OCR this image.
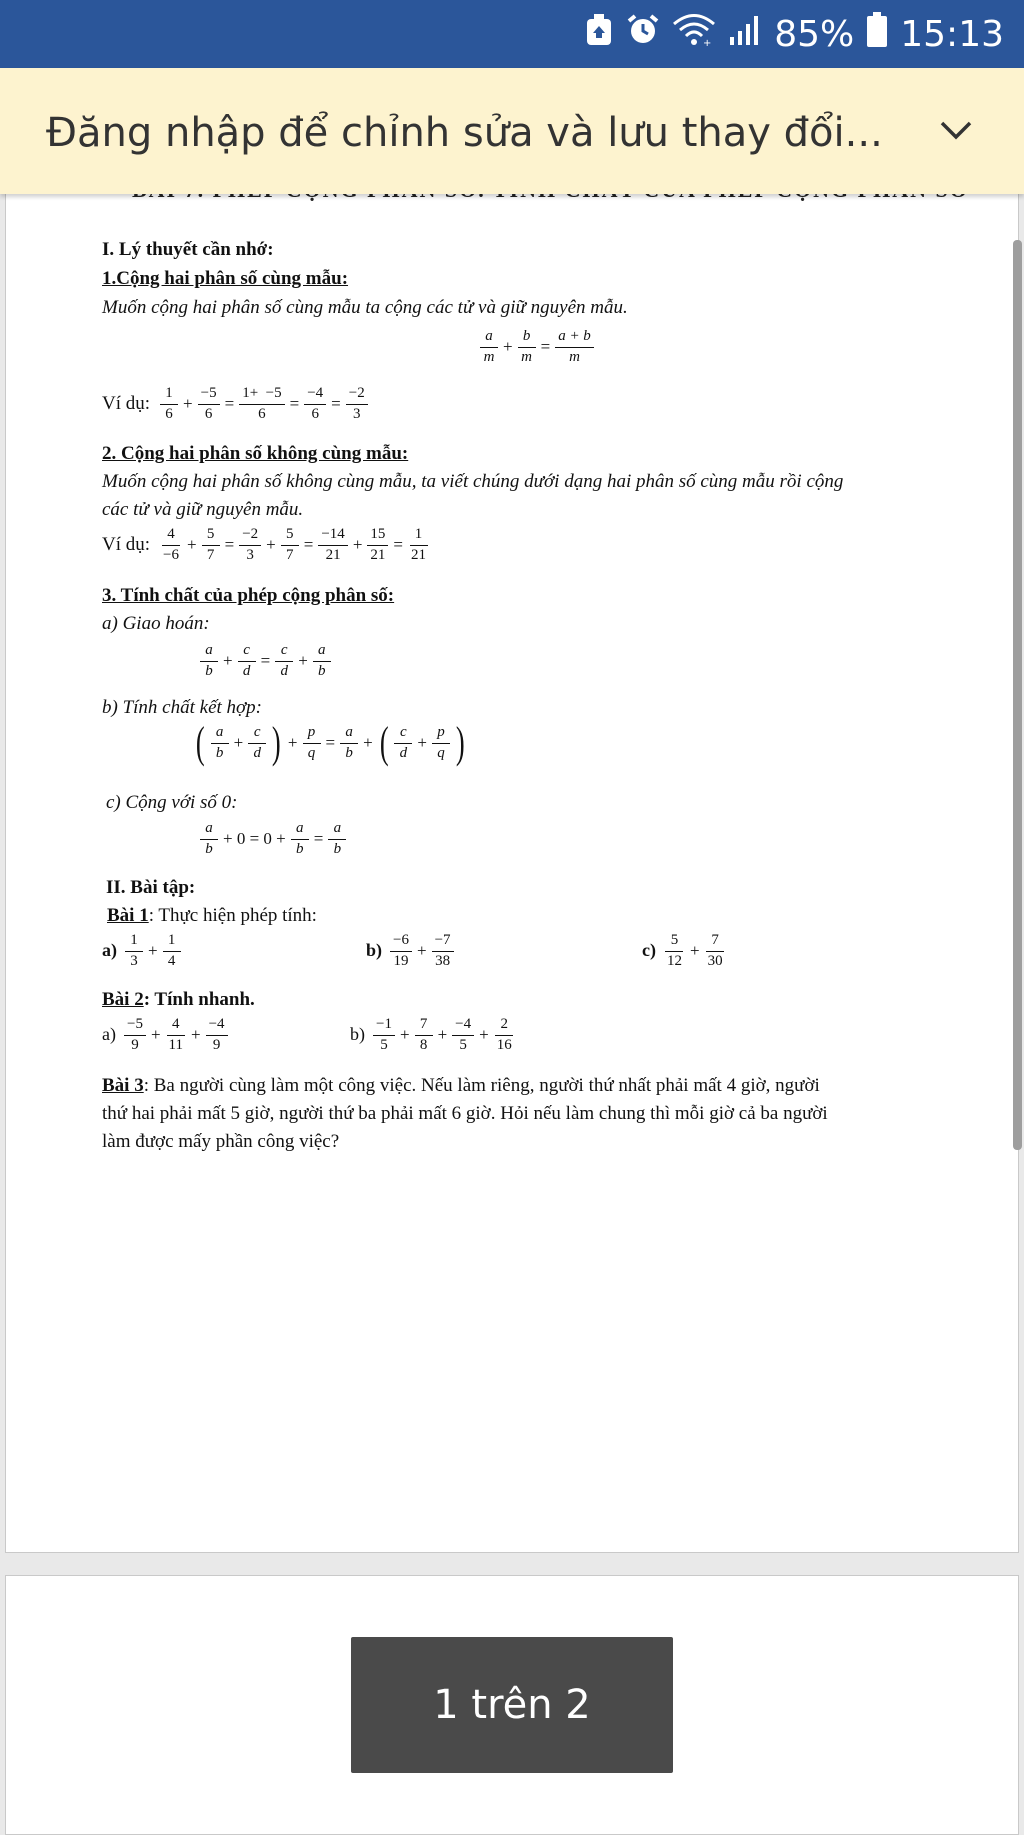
+ 85% 15:13
Đăng nhập để chỉnh sửa và lưu thay đổi...
I. Lý thuyết cần nhớ:
1.Cộng hai phân số cùng mẫu:
Muốn cộng hai phân số cùng mẫu ta cộng các tử và giữ nguyên mẫu.
$\frac{a}{m} + \frac{b}{m} = \frac{a + b}{m}$
Ví dụ: $\frac{1}{6} + \frac{-5}{6} = \frac{1+ -5}{6} = \frac{-4}{6} = \frac{-2}{3}$
2. Cộng hai phân số không cùng mẫu:
Muốn cộng hai phân số không cùng mẫu, ta viết chúng dưới dạng hai phân số cùng mẫu rồi cộng
các tử và giữ nguyên mẫu.
Ví dụ: $\frac{4}{-6} + \frac{5}{7} = \frac{-2}{3} + \frac{5}{7} = \frac{-14}{21} + \frac{15}{21} = \frac{1}{21}$
3. Tính chất của phép cộng phân số:
a) Giao hoán:
$\frac{a}{b} + \frac{c}{d} = \frac{c}{d} + \frac{a}{b}$
b) Tính chất kết hợp:
( $\frac{a}{b} + \frac{c}{d}$ ) + $\frac{p}{q} = \frac{a}{b}$ + ( $\frac{c}{d} + \frac{p}{q}$ )
c) Cộng với số 0:
$\frac{a}{b} + 0 = 0 + \frac{a}{b} = \frac{a}{b}$
II. Bài tập:
Bài 1: Thực hiện phép tính:
$a) \frac{1}{3} + \frac{1}{4}$	$b) \frac{-6}{19} + \frac{-7}{38}$	$c) \frac{5}{12} + \frac{7}{30}$
Bài 2: Tính nhanh.
$a) \frac{-5}{9} + \frac{4}{11} + \frac{-4}{9}$	$b) \frac{-1}{5} + \frac{7}{8} + \frac{-4}{5} + \frac{2}{16}$
Bài 3: Ba người cùng làm một công việc. Nếu làm riêng, người thứ nhất phải mất 4 giờ, người
thứ hai phải mất 5 giờ, người thứ ba phải mất 6 giờ. Hỏi nếu làm chung thì mỗi giờ cả ba người
làm được mấy phần công việc?
1 trên 2
